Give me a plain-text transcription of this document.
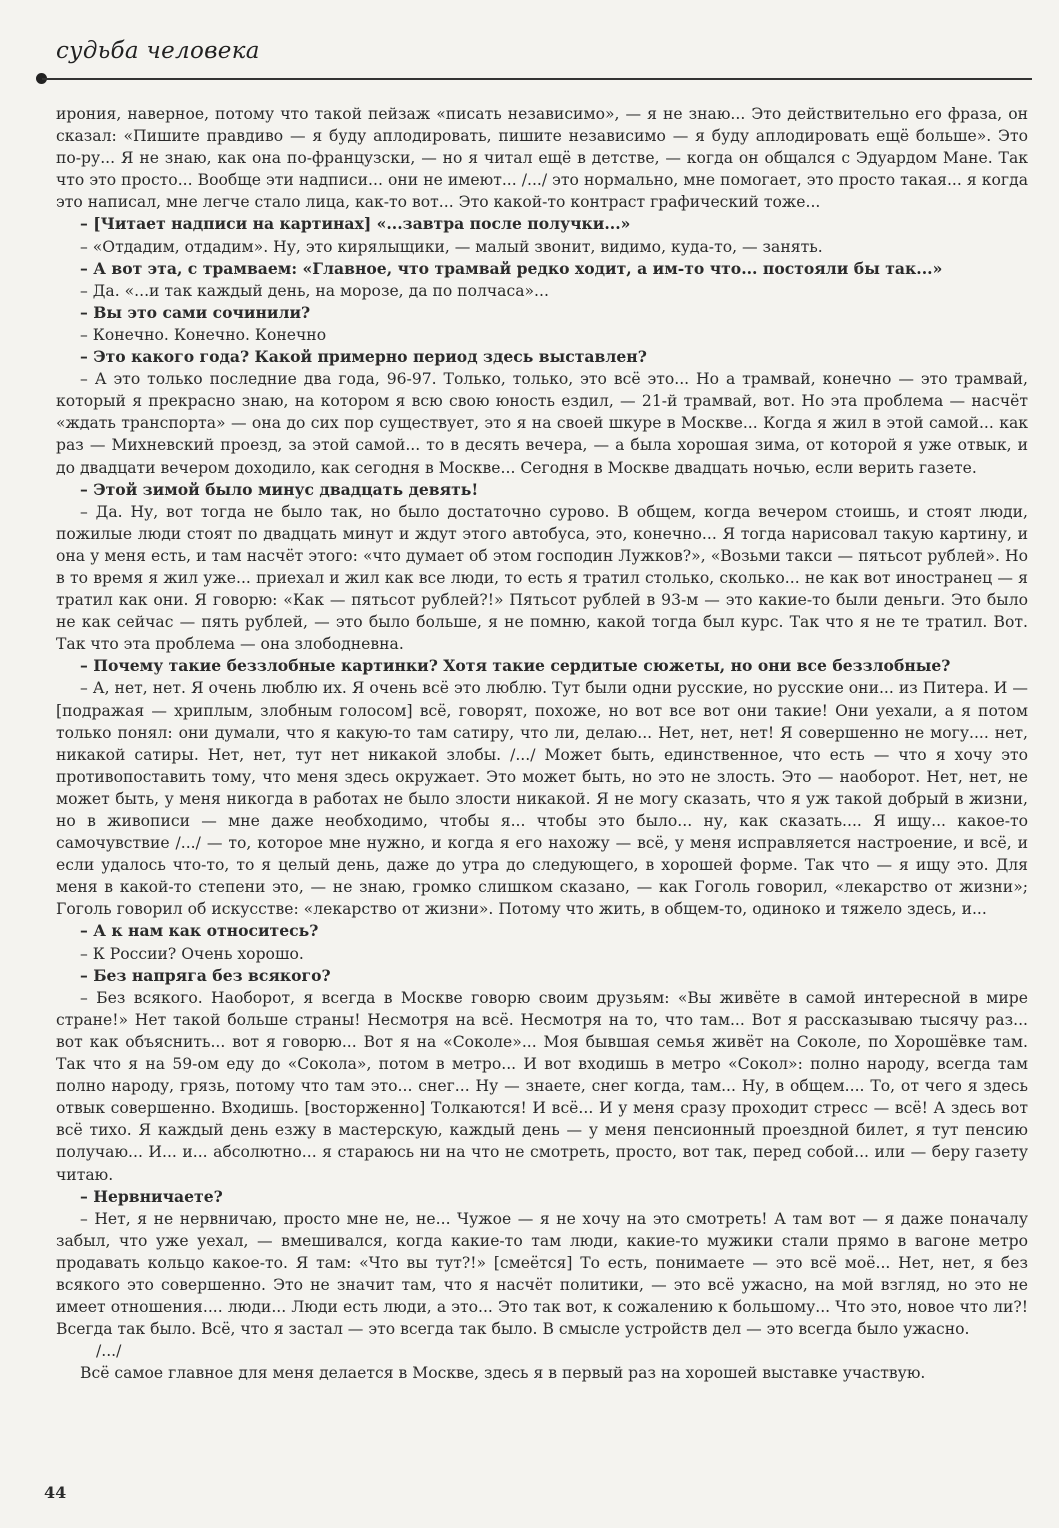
судьба человека

ирония, наверное, потому что такой пейзаж «писать независимо», — я не знаю... Это действительно его фраза, он сказал: «Пишите правдиво — я буду аплодировать, пишите независимо — я буду аплодировать ещё больше». Это по-ру... Я не знаю, как она по-французски, — но я читал ещё в детстве, — когда он общался с Эдуардом Мане. Так что это просто... Вообще эти надписи... они не имеют... /.../ это нормально, мне помогает, это просто такая... я когда это написал, мне легче стало лица, как-то вот... Это какой-то контраст графический тоже...

– [Читает надписи на картинах] «...завтра после получки...»

– «Отдадим, отдадим». Ну, это кирялыщики, — малый звонит, видимо, куда-то, — занять.

– А вот эта, с трамваем: «Главное, что трамвай редко ходит, а им-то что... постояли бы так...»

– Да. «...и так каждый день, на морозе, да по полчаса»...

– Вы это сами сочинили?

– Конечно. Конечно. Конечно

– Это какого года? Какой примерно период здесь выставлен?

– А это только последние два года, 96-97. Только, только, это всё это... Но а трамвай, конечно — это трамвай, который я прекрасно знаю, на котором я всю свою юность ездил, — 21-й трамвай, вот. Но эта проблема — насчёт «ждать транспорта» — она до сих пор существует, это я на своей шкуре в Москве... Когда я жил в этой самой... как раз — Михневский проезд, за этой самой... то в десять вечера, — а была хорошая зима, от которой я уже отвык, и до двадцати вечером доходило, как сегодня в Москве... Сегодня в Москве двадцать ночью, если верить газете.

– Этой зимой было минус двадцать девять!

– Да. Ну, вот тогда не было так, но было достаточно сурово. В общем, когда вечером стоишь, и стоят люди, пожилые люди стоят по двадцать минут и ждут этого автобуса, это, конечно... Я тогда нарисовал такую картину, и она у меня есть, и там насчёт этого: «что думает об этом господин Лужков?», «Возьми такси — пятьсот рублей». Но в то время я жил уже... приехал и жил как все люди, то есть я тратил столько, сколько... не как вот иностранец — я тратил как они. Я говорю: «Как — пятьсот рублей?!» Пятьсот рублей в 93-м — это какие-то были деньги. Это было не как сейчас — пять рублей, — это было больше, я не помню, какой тогда был курс. Так что я не те тратил. Вот. Так что эта проблема — она злободневна.

– Почему такие беззлобные картинки? Хотя такие сердитые сюжеты, но они все беззлобные?

– А, нет, нет. Я очень люблю их. Я очень всё это люблю. Тут были одни русские, но русские они... из Питера. И — [подражая — хриплым, злобным голосом] всё, говорят, похоже, но вот все вот они такие! Они уехали, а я потом только понял: они думали, что я какую-то там сатиру, что ли, делаю... Нет, нет, нет! Я совершенно не могу.... нет, никакой сатиры. Нет, нет, тут нет никакой злобы. /.../ Может быть, единственное, что есть — что я хочу это противопоставить тому, что меня здесь окружает. Это может быть, но это не злость. Это — наоборот. Нет, нет, не может быть, у меня никогда в работах не было злости никакой. Я не могу сказать, что я уж такой добрый в жизни, но в живописи — мне даже необходимо, чтобы я... чтобы это было... ну, как сказать.... Я ищу... какое-то самочувствие /.../ — то, которое мне нужно, и когда я его нахожу — всё, у меня исправляется настроение, и всё, и если удалось что-то, то я целый день, даже до утра до следующего, в хорошей форме. Так что — я ищу это. Для меня в какой-то степени это, — не знаю, громко слишком сказано, — как Гоголь говорил, «лекарство от жизни»; Гоголь говорил об искусстве: «лекарство от жизни». Потому что жить, в общем-то, одиноко и тяжело здесь, и...

– А к нам как относитесь?

– К России? Очень хорошо.

– Без напряга без всякого?

– Без всякого. Наоборот, я всегда в Москве говорю своим друзьям: «Вы живёте в самой интересной в мире стране!» Нет такой больше страны! Несмотря на всё. Несмотря на то, что там... Вот я рассказываю тысячу раз... вот как объяснить... вот я говорю... Вот я на «Соколе»... Моя бывшая семья живёт на Соколе, по Хорошёвке там. Так что я на 59-ом еду до «Сокола», потом в метро... И вот входишь в метро «Сокол»: полно народу, всегда там полно народу, грязь, потому что там это... снег... Ну — знаете, снег когда, там... Ну, в общем.... То, от чего я здесь отвык совершенно. Входишь. [восторженно] Толкаются! И всё... И у меня сразу проходит стресс — всё! А здесь вот всё тихо. Я каждый день езжу в мастерскую, каждый день — у меня пенсионный проездной билет, я тут пенсию получаю... И... и... абсолютно... я стараюсь ни на что не смотреть, просто, вот так, перед собой... или — беру газету читаю.

– Нервничаете?

– Нет, я не нервничаю, просто мне не, не... Чужое — я не хочу на это смотреть! А там вот — я даже поначалу забыл, что уже уехал, — вмешивался, когда какие-то там люди, какие-то мужики стали прямо в вагоне метро продавать кольцо какое-то. Я там: «Что вы тут?!» [смеётся] То есть, понимаете — это всё моё... Нет, нет, я без всякого это совершенно. Это не значит там, что я насчёт политики, — это всё ужасно, на мой взгляд, но это не имеет отношения.... люди... Люди есть люди, а это... Это так вот, к сожалению к большому... Что это, новое что ли?! Всегда так было. Всё, что я застал — это всегда так было. В смысле устройств дел — это всегда было ужасно.

/.../

Всё самое главное для меня делается в Москве, здесь я в первый раз на хорошей выставке участвую.

44
